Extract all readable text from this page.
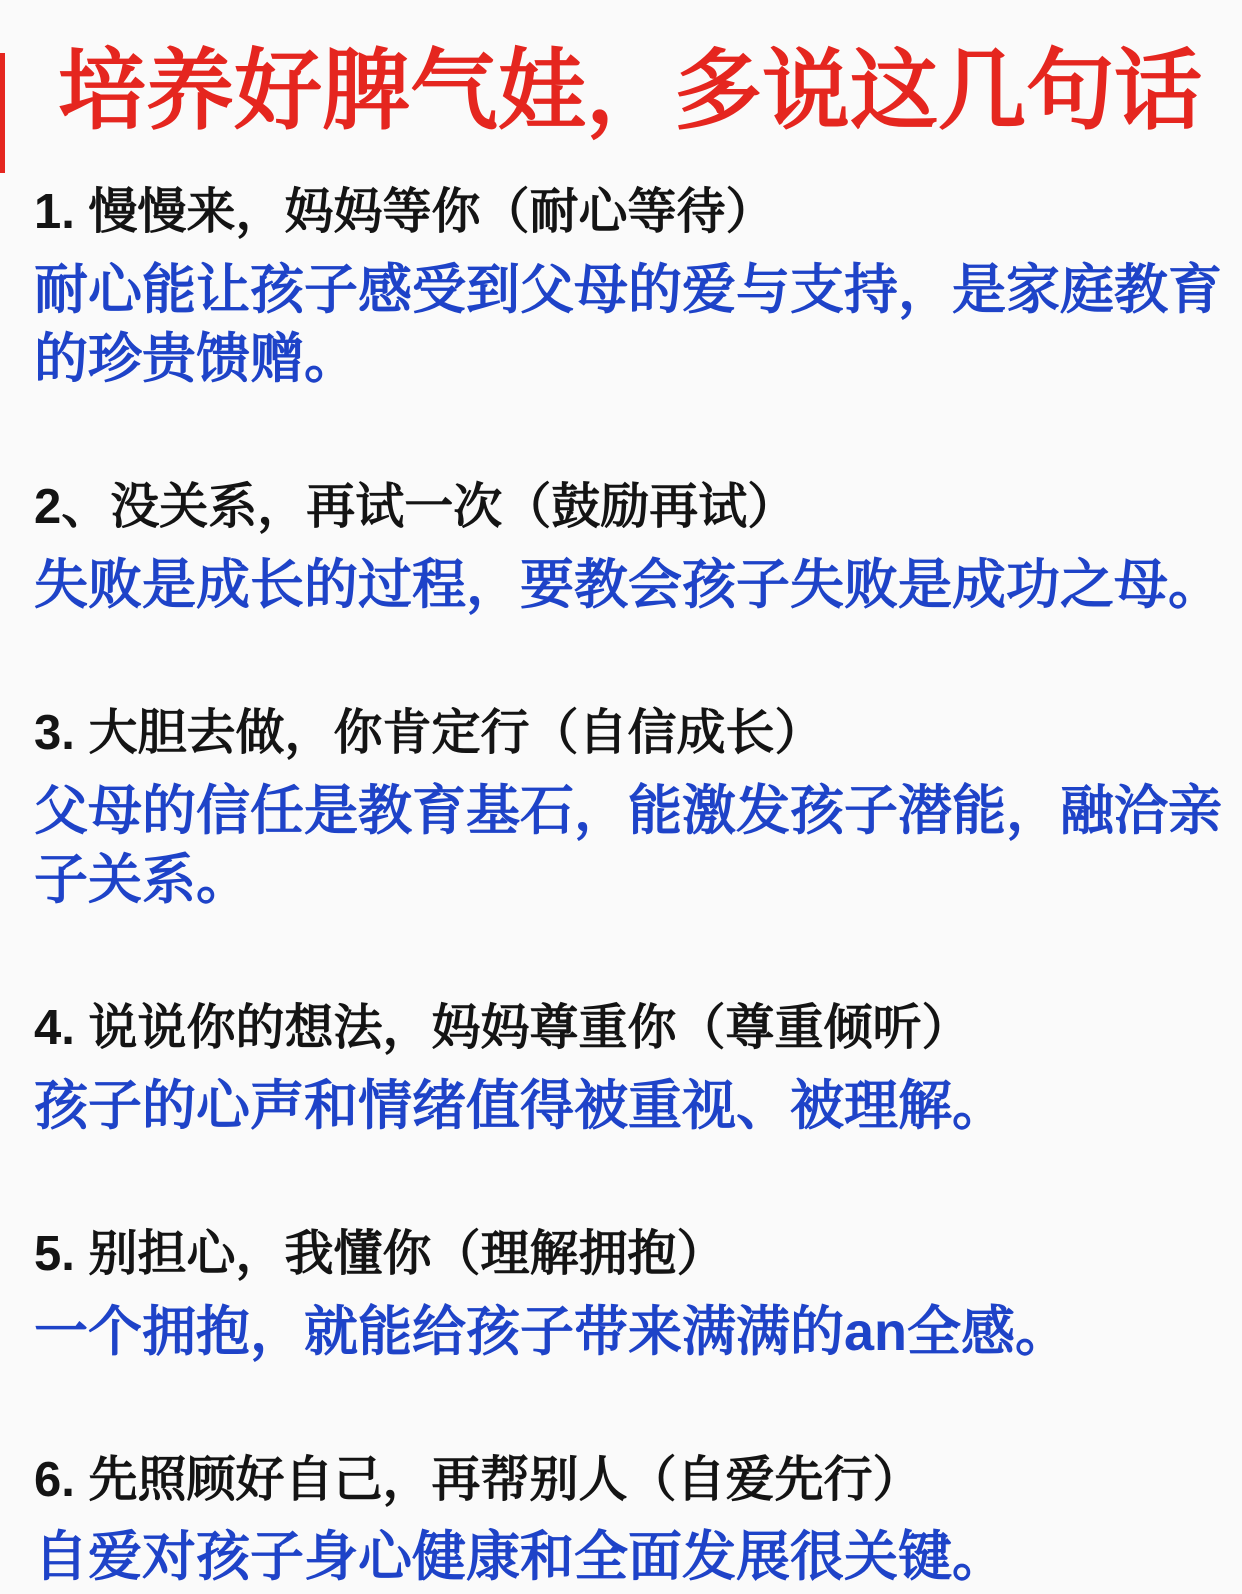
培养好脾气娃，多说这几句话

1. 慢慢来，妈妈等你（耐心等待）

耐心能让孩子感受到父母的爱与支持，是家庭教育的珍贵馈赠。

2、没关系，再试一次（鼓励再试）

失败是成长的过程，要教会孩子失败是成功之母。

3. 大胆去做，你肯定行（自信成长）

父母的信任是教育基石，能激发孩子潜能，融洽亲子关系。

4. 说说你的想法，妈妈尊重你（尊重倾听）

孩子的心声和情绪值得被重视、被理解。

5. 别担心，我懂你（理解拥抱）

一个拥抱，就能给孩子带来满满的an全感。

6. 先照顾好自己，再帮别人（自爱先行）

自爱对孩子身心健康和全面发展很关键。
